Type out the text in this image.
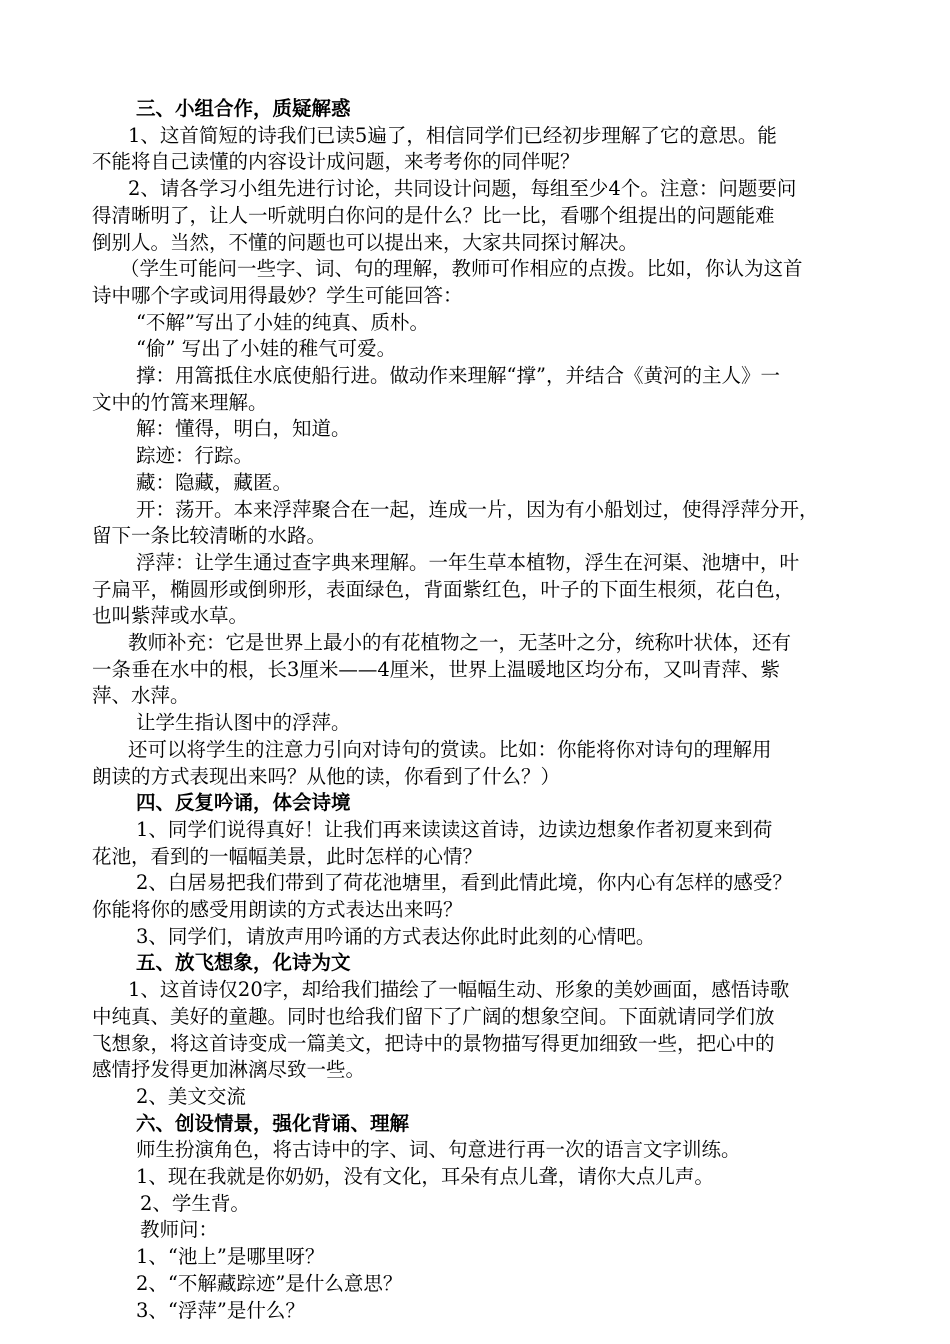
三、小组合作，质疑解惑
1、这首简短的诗我们已读5遍了，相信同学们已经初步理解了它的意思。能
不能将自己读懂的内容设计成问题，来考考你的同伴呢？
2、请各学习小组先进行讨论，共同设计问题，每组至少4个。注意：问题要问
得清晰明了，让人一听就明白你问的是什么？比一比，看哪个组提出的问题能难
倒别人。当然，不懂的问题也可以提出来，大家共同探讨解决。
（学生可能问一些字、词、句的理解，教师可作相应的点拨。比如，你认为这首
诗中哪个字或词用得最妙？学生可能回答：
“不解”写出了小娃的纯真、质朴。
“偷” 写出了小娃的稚气可爱。
撑：用篙抵住水底使船行进。做动作来理解“撑”，并结合《黄河的主人》一
文中的竹篙来理解。
解：懂得，明白，知道。
踪迹：行踪。
藏：隐藏，藏匿。
开：荡开。本来浮萍聚合在一起，连成一片，因为有小船划过，使得浮萍分开，
留下一条比较清晰的水路。
浮萍：让学生通过查字典来理解。一年生草本植物，浮生在河渠、池塘中，叶
子扁平，椭圆形或倒卵形，表面绿色，背面紫红色，叶子的下面生根须，花白色，
也叫紫萍或水草。
教师补充：它是世界上最小的有花植物之一，无茎叶之分，统称叶状体，还有
一条垂在水中的根，长3厘米——4厘米，世界上温暖地区均分布，又叫青萍、紫
萍、水萍。
让学生指认图中的浮萍。
还可以将学生的注意力引向对诗句的赏读。比如：你能将你对诗句的理解用
朗读的方式表现出来吗？从他的读，你看到了什么？）
四、反复吟诵，体会诗境
1、同学们说得真好！让我们再来读读这首诗，边读边想象作者初夏来到荷
花池，看到的一幅幅美景，此时怎样的心情？
2、白居易把我们带到了荷花池塘里，看到此情此境，你内心有怎样的感受？
你能将你的感受用朗读的方式表达出来吗？
3、同学们，请放声用吟诵的方式表达你此时此刻的心情吧。
五、放飞想象，化诗为文
1、这首诗仅20字，却给我们描绘了一幅幅生动、形象的美妙画面，感悟诗歌
中纯真、美好的童趣。同时也给我们留下了广阔的想象空间。下面就请同学们放
飞想象，将这首诗变成一篇美文，把诗中的景物描写得更加细致一些，把心中的
感情抒发得更加淋漓尽致一些。
2、美文交流
六、创设情景，强化背诵、理解
师生扮演角色，将古诗中的字、词、句意进行再一次的语言文字训练。
1、现在我就是你奶奶，没有文化，耳朵有点儿聋，请你大点儿声。
2、学生背。
教师问：
1、“池上”是哪里呀？
2、“不解藏踪迹”是什么意思？
3、“浮萍”是什么？
